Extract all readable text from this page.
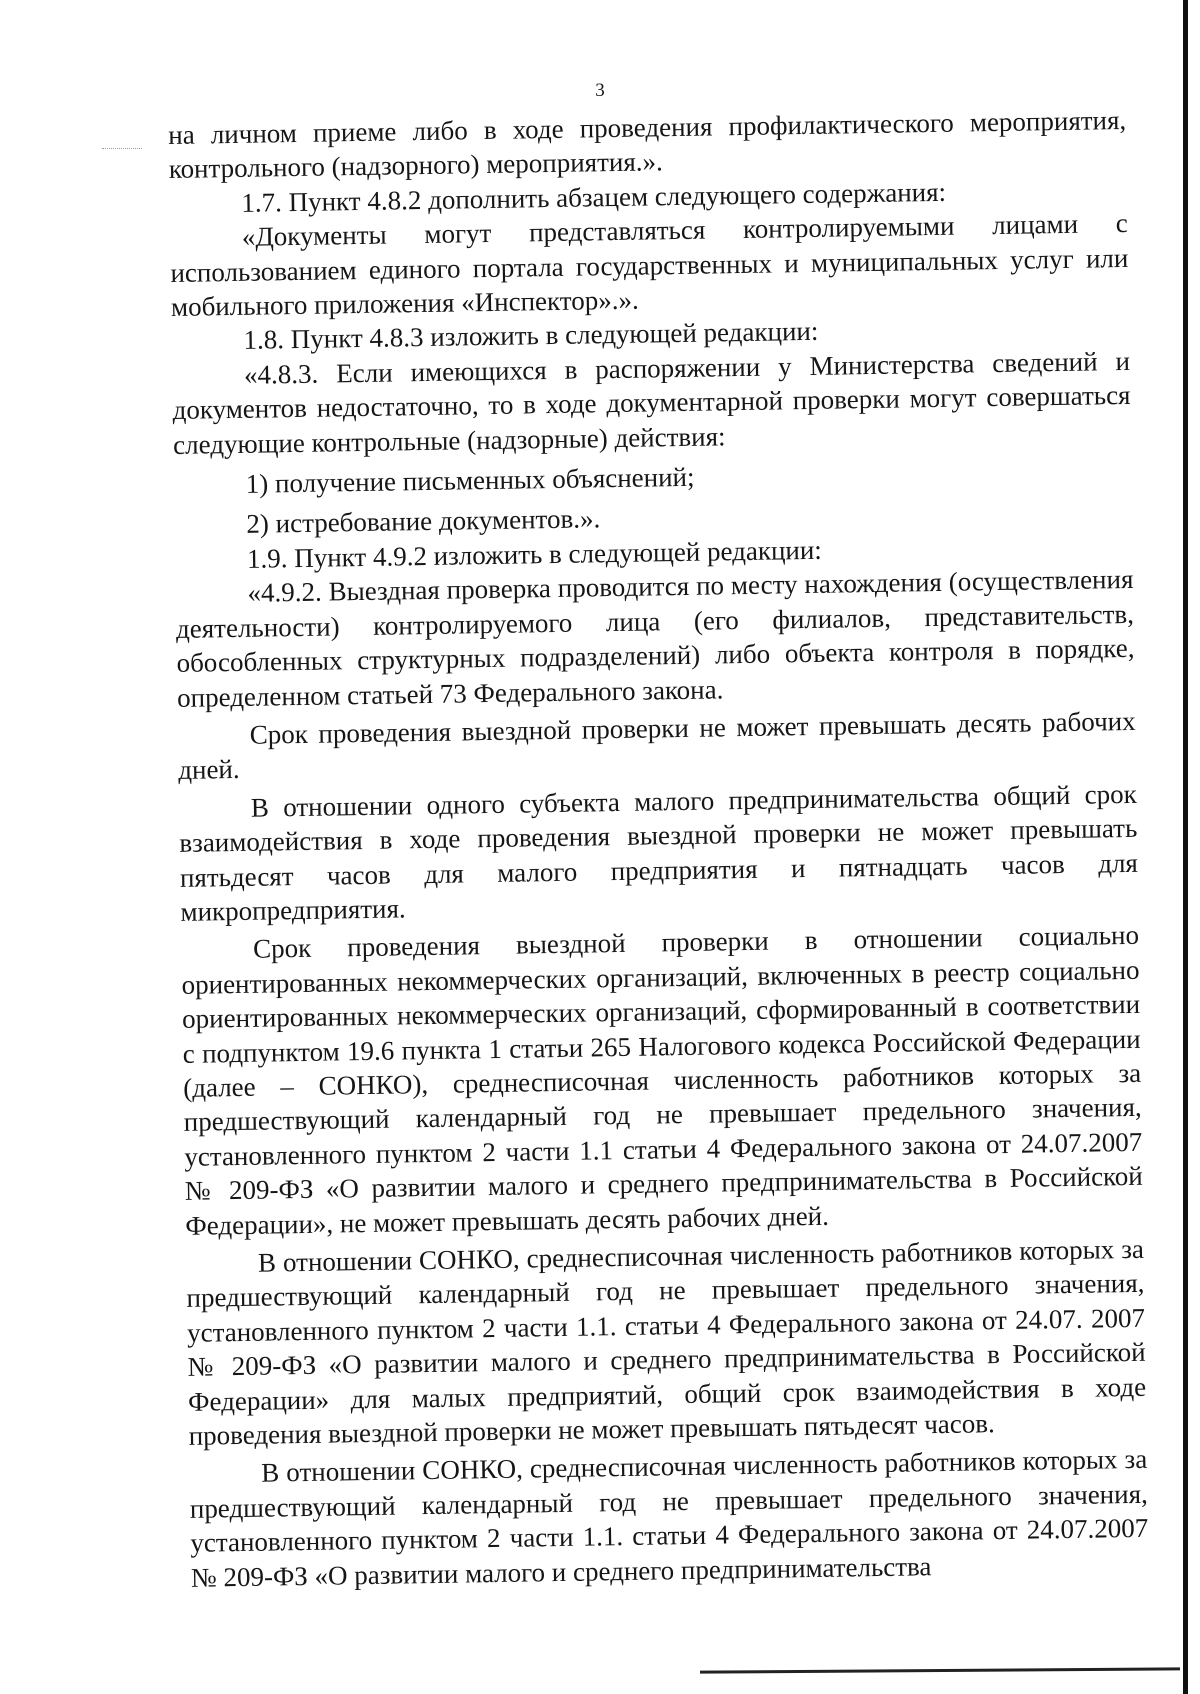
3

на личном приеме либо в ходе проведения профилактического мероприятия, контрольного (надзорного) мероприятия.».

1.7. Пункт 4.8.2 дополнить абзацем следующего содержания:

«Документы могут представляться контролируемыми лицами с использованием единого портала государственных и муниципальных услуг или мобильного приложения «Инспектор».».

1.8. Пункт 4.8.3 изложить в следующей редакции:

«4.8.3. Если имеющихся в распоряжении у Министерства сведений и документов недостаточно, то в ходе документарной проверки могут совершаться следующие контрольные (надзорные) действия:

1) получение письменных объяснений;

2) истребование документов.».

1.9. Пункт 4.9.2 изложить в следующей редакции:

«4.9.2. Выездная проверка проводится по месту нахождения (осуществления деятельности) контролируемого лица (его филиалов, представительств, обособленных структурных подразделений) либо объекта контроля в порядке, определенном статьей 73 Федерального закона.

Срок проведения выездной проверки не может превышать десять рабочих дней.

В отношении одного субъекта малого предпринимательства общий срок взаимодействия в ходе проведения выездной проверки не может превышать пятьдесят часов для малого предприятия и пятнадцать часов для микропредприятия.

Срок проведения выездной проверки в отношении социально ориентированных некоммерческих организаций, включенных в реестр социально ориентированных некоммерческих организаций, сформированный в соответствии с подпунктом 19.6 пункта 1 статьи 265 Налогового кодекса Российской Федерации (далее – СОНКО), среднесписочная численность работников которых за предшествующий календарный год не превышает предельного значения, установленного пунктом 2 части 1.1 статьи 4 Федерального закона от 24.07.2007 № 209-ФЗ «О развитии малого и среднего предпринимательства в Российской Федерации», не может превышать десять рабочих дней.

В отношении СОНКО, среднесписочная численность работников которых за предшествующий календарный год не превышает предельного значения, установленного пунктом 2 части 1.1. статьи 4 Федерального закона от 24.07. 2007 № 209-ФЗ «О развитии малого и среднего предпринимательства в Российской Федерации» для малых предприятий, общий срок взаимодействия в ходе проведения выездной проверки не может превышать пятьдесят часов.

В отношении СОНКО, среднесписочная численность работников которых за предшествующий календарный год не превышает предельного значения, установленного пунктом 2 части 1.1. статьи 4 Федерального закона от 24.07.2007 № 209-ФЗ «О развитии малого и среднего предпринимательства
